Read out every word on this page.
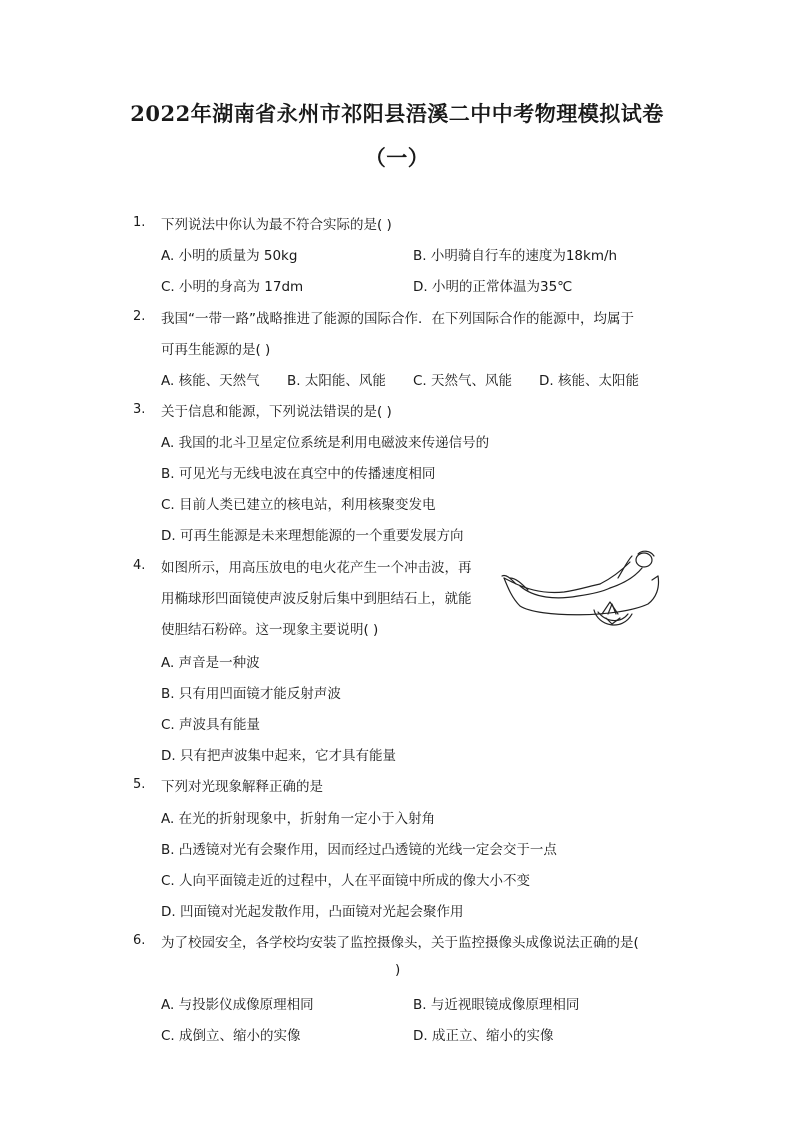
2022年湖南省永州市祁阳县浯溪二中中考物理模拟试卷
（一）
1. 下列说法中你认为最不符合实际的是( )
A. 小明的质量为 50kg	B. 小明骑自行车的速度为18km/h
C. 小明的身高为 17dm	D. 小明的正常体温为35℃
2. 我国“一带一路”战略推进了能源的国际合作．在下列国际合作的能源中，均属于
可再生能源的是( )
A. 核能、天然气 B. 太阳能、风能 C. 天然气、风能 D. 核能、太阳能
3. 关于信息和能源，下列说法错误的是( )
A. 我国的北斗卫星定位系统是利用电磁波来传递信号的
B. 可见光与无线电波在真空中的传播速度相同
C. 目前人类已建立的核电站，利用核聚变发电
D. 可再生能源是未来理想能源的一个重要发展方向
4. 如图所示，用高压放电的电火花产生一个冲击波，再
用椭球形凹面镜使声波反射后集中到胆结石上，就能
使胆结石粉碎。这一现象主要说明( )
A. 声音是一种波
B. 只有用凹面镜才能反射声波
C. 声波具有能量
D. 只有把声波集中起来，它才具有能量
5. 下列对光现象解释正确的是
A. 在光的折射现象中，折射角一定小于入射角
B. 凸透镜对光有会聚作用，因而经过凸透镜的光线一定会交于一点
C. 人向平面镜走近的过程中，人在平面镜中所成的像大小不变
D. 凹面镜对光起发散作用，凸面镜对光起会聚作用
6. 为了校园安全，各学校均安装了监控摄像头，关于监控摄像头成像说法正确的是(
)
A. 与投影仪成像原理相同	B. 与近视眼镜成像原理相同
C. 成倒立、缩小的实像	D. 成正立、缩小的实像
